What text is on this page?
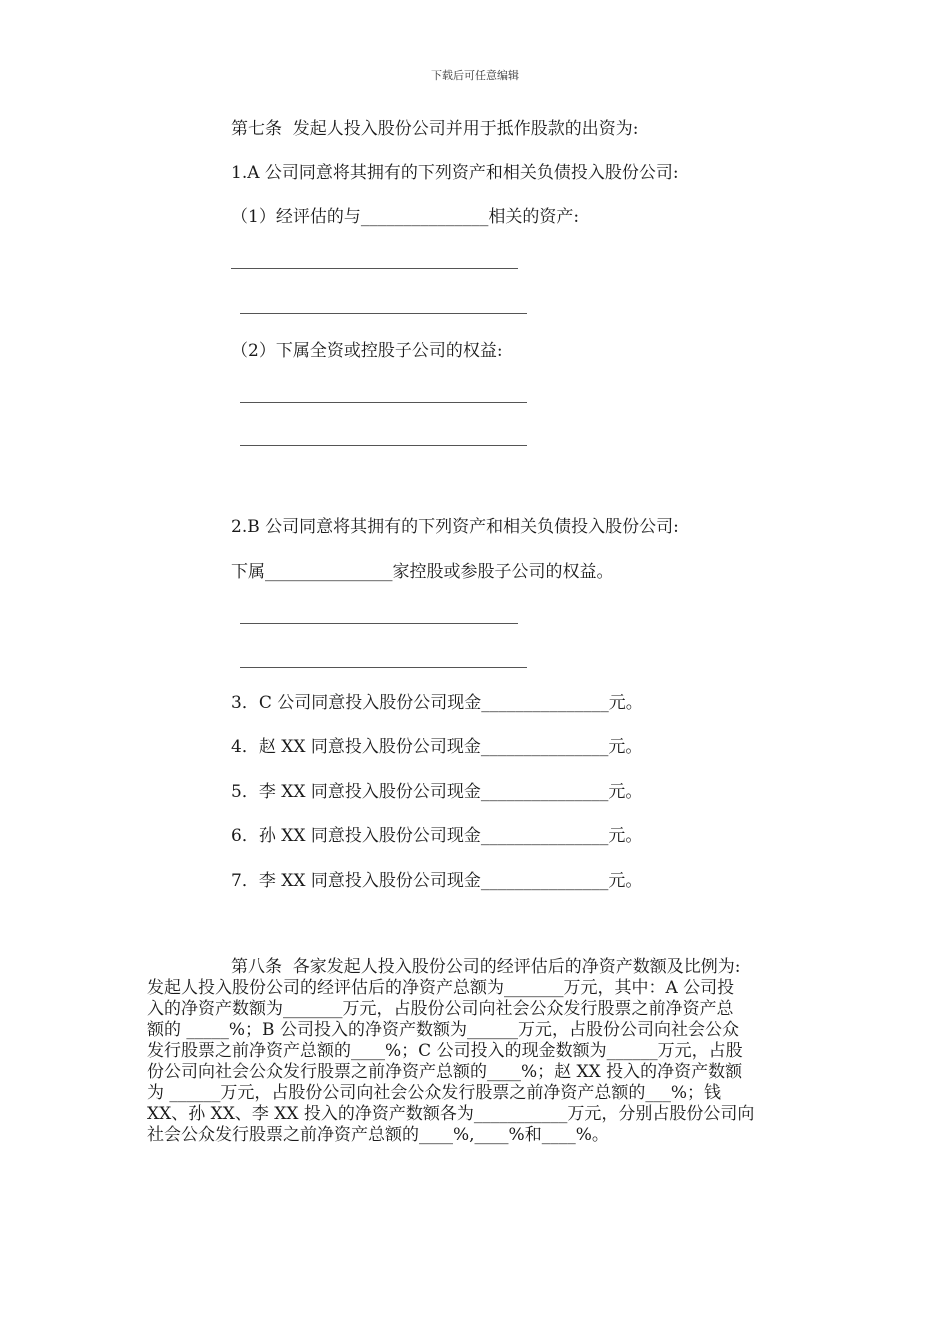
下载后可任意编辑
第七条  发起人投入股份公司并用于抵作股款的出资为:
1.A 公司同意将其拥有的下列资产和相关负债投入股份公司:
（1）经评估的与_______________相关的资产:
（2）下属全资或控股子公司的权益:
2.B 公司同意将其拥有的下列资产和相关负债投入股份公司:
下属_______________家控股或参股子公司的权益。
3．C 公司同意投入股份公司现金_______________元。
4．赵 XX 同意投入股份公司现金_______________元。
5．李 XX 同意投入股份公司现金_______________元。
6．孙 XX 同意投入股份公司现金_______________元。
7．李 XX 同意投入股份公司现金_______________元。
第八条  各家发起人投入股份公司的经评估后的净资产数额及比例为:
发起人投入股份公司的经评估后的净资产总额为_______万元，其中：A 公司投
入的净资产数额为_______万元，占股份公司向社会公众发行股票之前净资产总
额的 _____%；B 公司投入的净资产数额为______万元，占股份公司向社会公众
发行股票之前净资产总额的____%；C 公司投入的现金数额为______万元，占股
份公司向社会公众发行股票之前净资产总额的____%；赵 XX 投入的净资产数额
为 ______万元，占股份公司向社会公众发行股票之前净资产总额的___%；钱
XX、孙 XX、李 XX 投入的净资产数额各为___________万元，分别占股份公司向
社会公众发行股票之前净资产总额的____%,____%和____%。
